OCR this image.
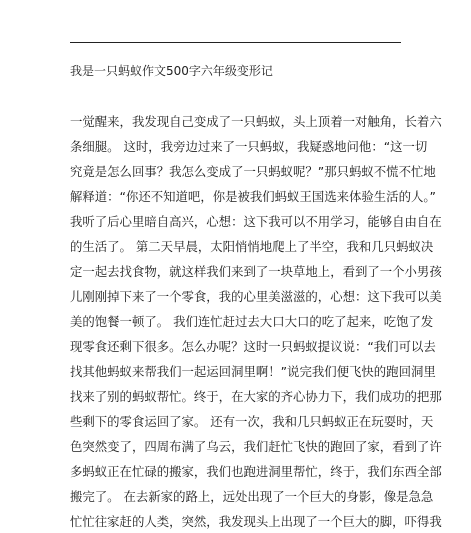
我是一只蚂蚁作文500字六年级变形记
一觉醒来，我发现自己变成了一只蚂蚁，头上顶着一对触角，长着六
条细腿。 这时，我旁边过来了一只蚂蚁，我疑惑地问他：“这一切
究竟是怎么回事？我怎么变成了一只蚂蚁呢？”那只蚂蚁不慌不忙地
解释道：“你还不知道吧，你是被我们蚂蚁王国选来体验生活的人。”
我听了后心里暗自高兴，心想：这下我可以不用学习，能够自由自在
的生活了。 第二天早晨，太阳悄悄地爬上了半空，我和几只蚂蚁决
定一起去找食物，就这样我们来到了一块草地上，看到了一个小男孩
儿刚刚掉下来了一个零食，我的心里美滋滋的，心想：这下我可以美
美的饱餐一顿了。 我们连忙赶过去大口大口的吃了起来，吃饱了发
现零食还剩下很多。怎么办呢？这时一只蚂蚁提议说：“我们可以去
找其他蚂蚁来帮我们一起运回洞里啊！”说完我们便飞快的跑回洞里
找来了别的蚂蚁帮忙。终于，在大家的齐心协力下，我们成功的把那
些剩下的零食运回了家。 还有一次，我和几只蚂蚁正在玩耍时，天
色突然变了，四周布满了乌云，我们赶忙飞快的跑回了家，看到了许
多蚂蚁正在忙碌的搬家，我们也跑进洞里帮忙，终于，我们东西全部
搬完了。 在去新家的路上，远处出现了一个巨大的身影，像是急急
忙忙往家赶的人类，突然，我发现头上出现了一个巨大的脚，吓得我
